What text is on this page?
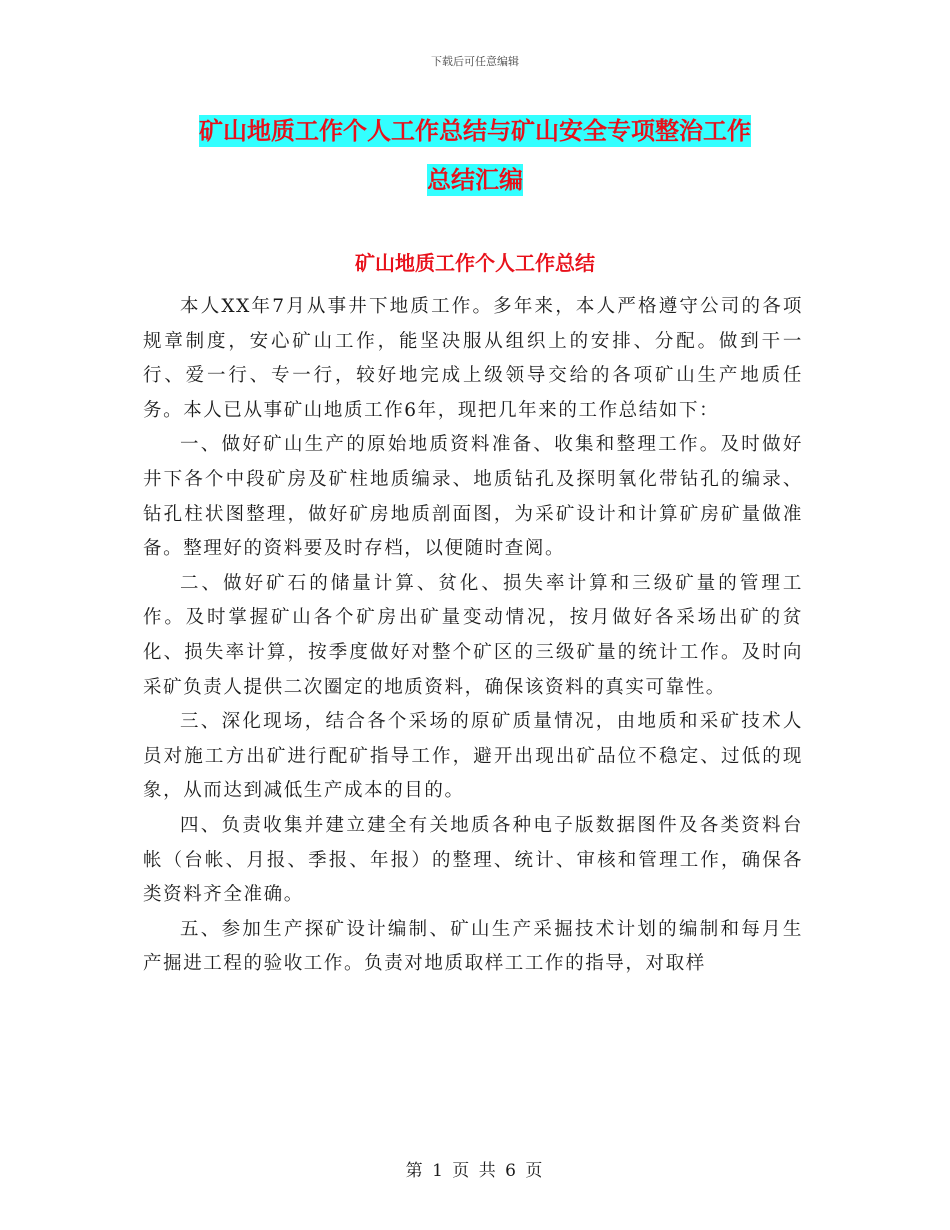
下载后可任意编辑
矿山地质工作个人工作总结与矿山安全专项整治工作
总结汇编
矿山地质工作个人工作总结

本人XX年7月从事井下地质工作。多年来，本人严格遵守公司的各项规章制度，安心矿山工作，能坚决服从组织上的安排、分配。做到干一行、爱一行、专一行，较好地完成上级领导交给的各项矿山生产地质任务。本人已从事矿山地质工作6年，现把几年来的工作总结如下：

一、做好矿山生产的原始地质资料准备、收集和整理工作。及时做好井下各个中段矿房及矿柱地质编录、地质钻孔及探明氧化带钻孔的编录、钻孔柱状图整理，做好矿房地质剖面图，为采矿设计和计算矿房矿量做准备。整理好的资料要及时存档，以便随时查阅。

二、做好矿石的储量计算、贫化、损失率计算和三级矿量的管理工作。及时掌握矿山各个矿房出矿量变动情况，按月做好各采场出矿的贫化、损失率计算，按季度做好对整个矿区的三级矿量的统计工作。及时向采矿负责人提供二次圈定的地质资料，确保该资料的真实可靠性。

三、深化现场，结合各个采场的原矿质量情况，由地质和采矿技术人员对施工方出矿进行配矿指导工作，避开出现出矿品位不稳定、过低的现象，从而达到减低生产成本的目的。

四、负责收集并建立建全有关地质各种电子版数据图件及各类资料台帐（台帐、月报、季报、年报）的整理、统计、审核和管理工作，确保各类资料齐全准确。

五、参加生产探矿设计编制、矿山生产采掘技术计划的编制和每月生产掘进工程的验收工作。负责对地质取样工工作的指导，对取样

第 1 页 共 6 页
